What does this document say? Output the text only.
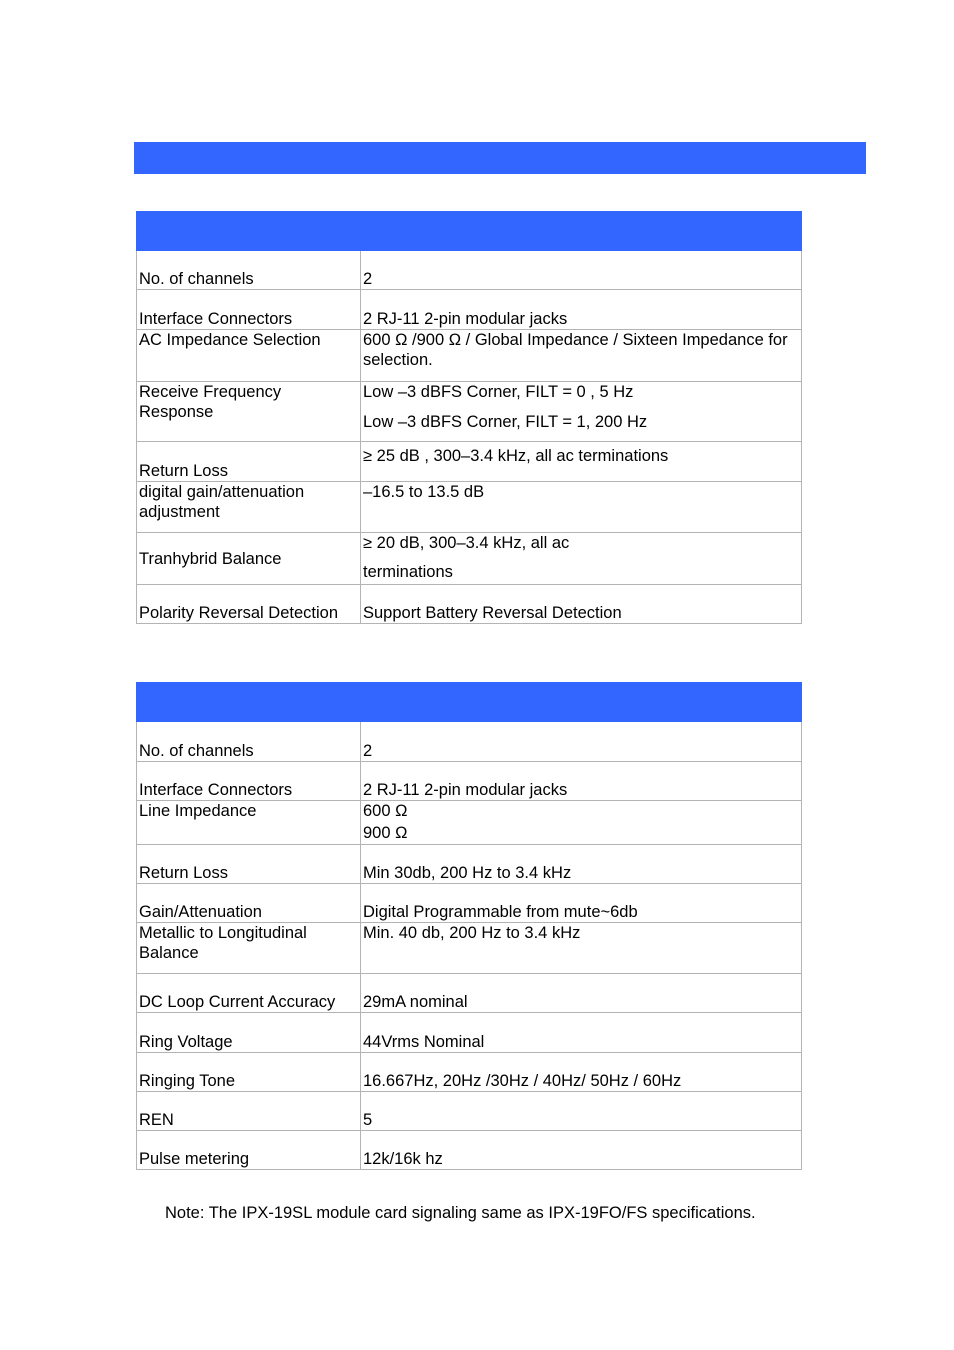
No. of channels	2
Interface Connectors	2 RJ-11 2-pin modular jacks
AC Impedance Selection	600 Ω /900 Ω / Global Impedance / Sixteen Impedance for selection.
Receive Frequency Response	Low –3 dBFS Corner, FILT = 0 , 5 Hz
Low –3 dBFS Corner, FILT = 1, 200 Hz

Return Loss	≥ 25 dB , 300–3.4 kHz, all ac terminations
digital gain/attenuation adjustment	–16.5 to 13.5 dB
Tranhybrid Balance	≥ 20 dB, 300–3.4 kHz, all ac
terminations

Polarity Reversal Detection	Support Battery Reversal Detection

No. of channels	2
Interface Connectors	2 RJ-11 2-pin modular jacks
Line Impedance	600 Ω
900 Ω

Return Loss	Min 30db, 200 Hz to 3.4 kHz
Gain/Attenuation	Digital Programmable from mute~6db
Metallic to Longitudinal Balance	Min. 40 db, 200 Hz to 3.4 kHz
DC Loop Current Accuracy	29mA nominal
Ring Voltage	44Vrms Nominal
Ringing Tone	16.667Hz, 20Hz /30Hz / 40Hz/ 50Hz / 60Hz
REN	5
Pulse metering	12k/16k hz
Note: The IPX-19SL module card signaling same as IPX-19FO/FS specifications.
